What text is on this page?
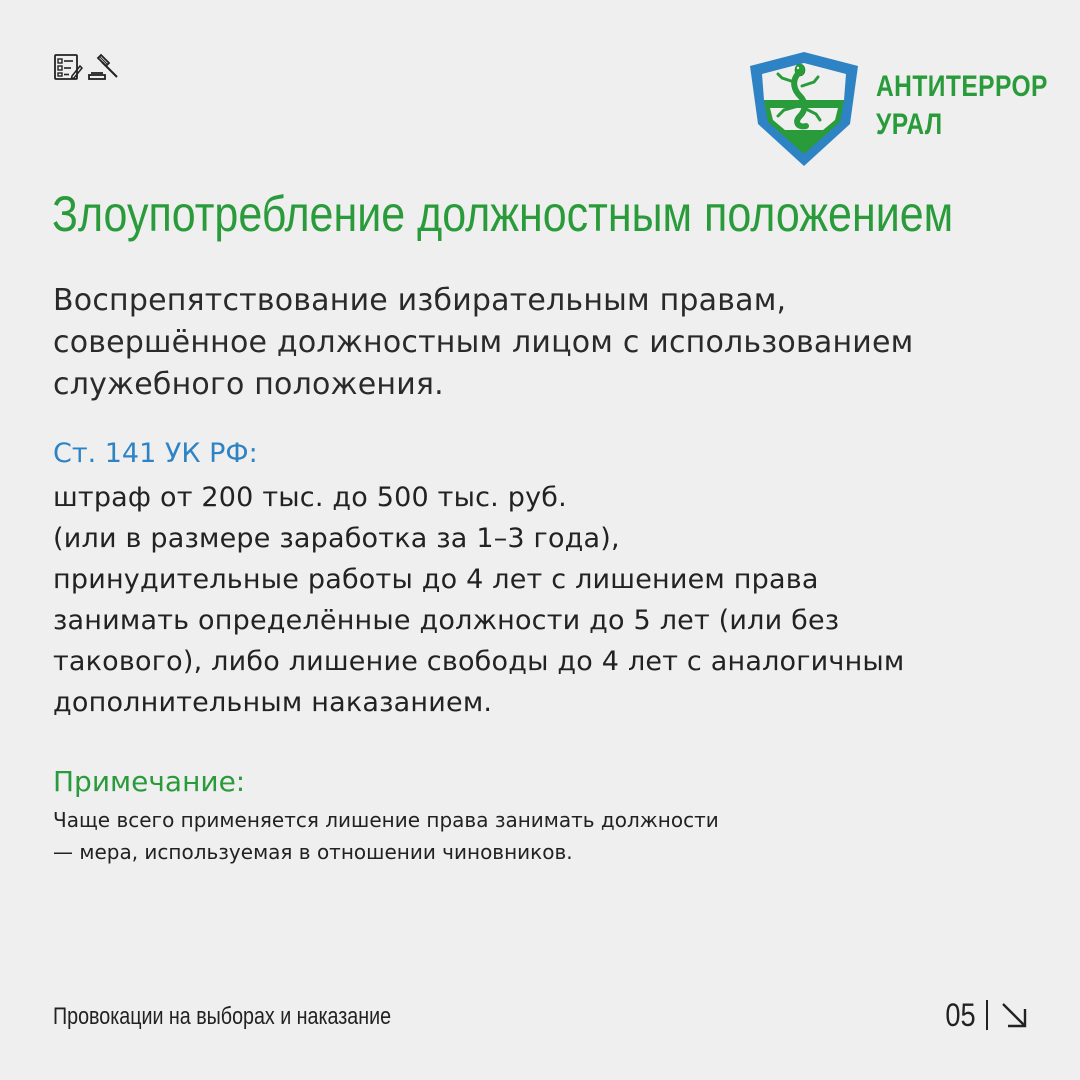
АНТИТЕРРОР
УРАЛ
Злоупотребление должностным положением
Воспрепятствование избирательным правам,
совершённое должностным лицом с использованием
служебного положения.
Ст. 141 УК РФ:
штраф от 200 тыс. до 500 тыс. руб.
(или в размере заработка за 1–3 года),
принудительные работы до 4 лет с лишением права
занимать определённые должности до 5 лет (или без
такового), либо лишение свободы до 4 лет с аналогичным
дополнительным наказанием.
Примечание:
Чаще всего применяется лишение права занимать должности
— мера, используемая в отношении чиновников.
Провокации на выборах и наказание	05
